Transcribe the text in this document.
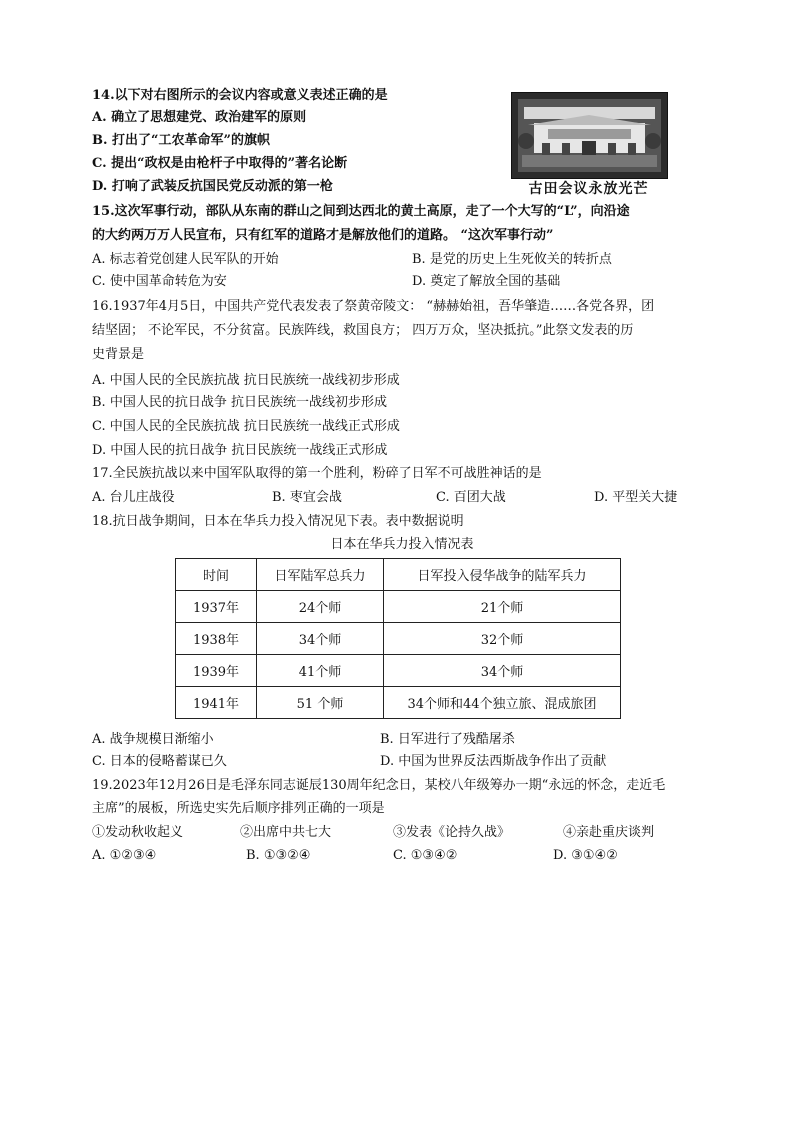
14.以下对右图所示的会议内容或意义表述正确的是
A. 确立了思想建党、政治建军的原则
B. 打出了“工农革命军”的旗帜
C. 提出“政权是由枪杆子中取得的”著名论断
D. 打响了武装反抗国民党反动派的第一枪	古田会议永放光芒
15.这次军事行动，部队从东南的群山之间到达西北的黄土高原，走了一个大写的“L”，向沿途
的大约两万万人民宣布，只有红军的道路才是解放他们的道路。 “这次军事行动”
A. 标志着党创建人民军队的开始	B. 是党的历史上生死攸关的转折点
C. 使中国革命转危为安	D. 奠定了解放全国的基础
16.1937年4月5日，中国共产党代表发表了祭黄帝陵文： “赫赫始祖，吾华肇造……各党各界，团
结坚固； 不论军民，不分贫富。民族阵线，救国良方； 四万万众，坚决抵抗。”此祭文发表的历
史背景是
A. 中国人民的全民族抗战 抗日民族统一战线初步形成
B. 中国人民的抗日战争 抗日民族统一战线初步形成
C. 中国人民的全民族抗战 抗日民族统一战线正式形成
D. 中国人民的抗日战争 抗日民族统一战线正式形成
17.全民族抗战以来中国军队取得的第一个胜利，粉碎了日军不可战胜神话的是
A. 台儿庄战役	B. 枣宜会战	C. 百团大战	D. 平型关大捷
18.抗日战争期间，日本在华兵力投入情况见下表。表中数据说明
日本在华兵力投入情况表
时间	日军陆军总兵力	日军投入侵华战争的陆军兵力
1937年	24个师	21个师
1938年	34个师	32个师
1939年	41个师	34个师
1941年	51 个师	34个师和44个独立旅、混成旅团
A. 战争规模日渐缩小	B. 日军进行了残酷屠杀
C. 日本的侵略蓄谋已久	D. 中国为世界反法西斯战争作出了贡献
19.2023年12月26日是毛泽东同志诞辰130周年纪念日，某校八年级筹办一期“永远的怀念，走近毛
主席”的展板，所选史实先后顺序排列正确的一项是
①发动秋收起义	②出席中共七大	③发表《论持久战》	④亲赴重庆谈判
A. ①②③④	B. ①③②④	C. ①③④②	D. ③①④②
